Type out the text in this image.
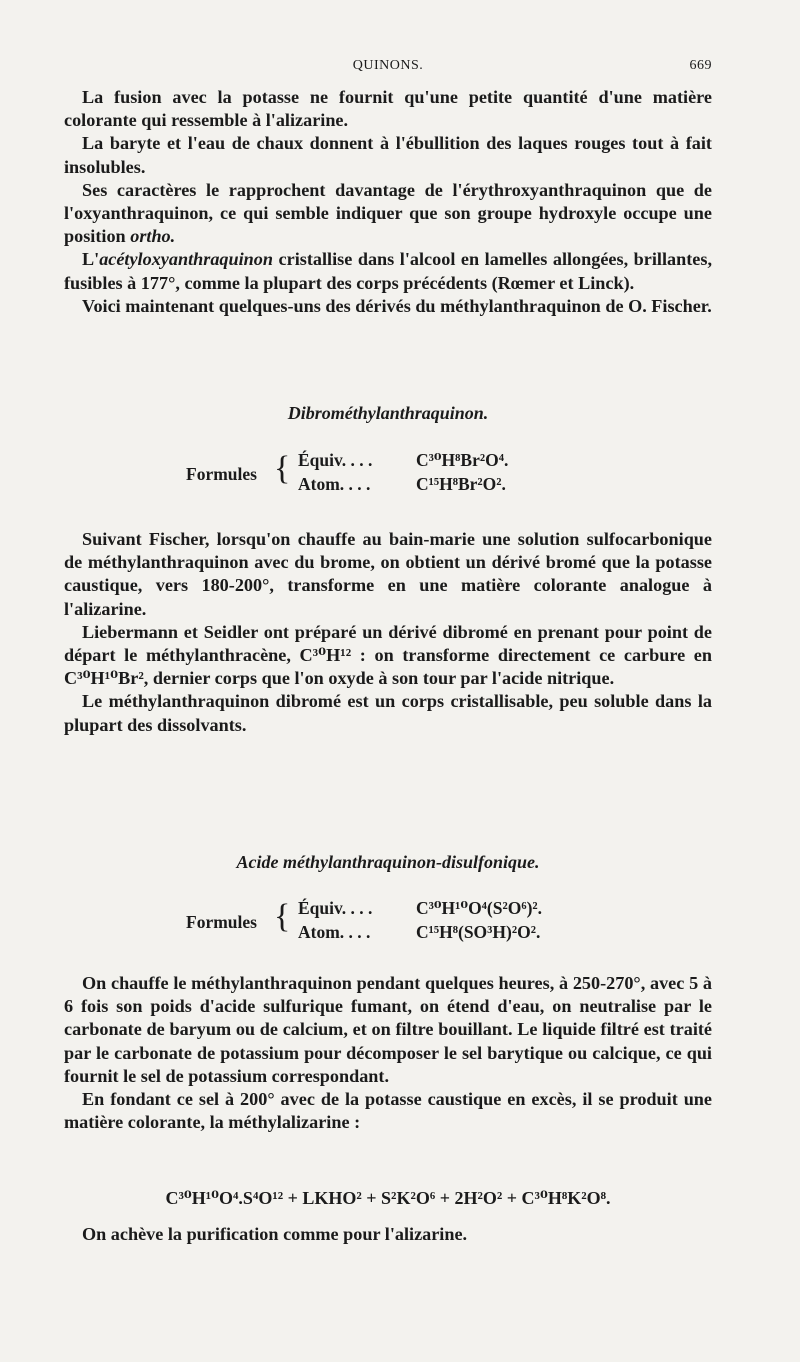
QUINONS.	669

La fusion avec la potasse ne fournit qu'une petite quantité d'une matière colorante qui ressemble à l'alizarine.

La baryte et l'eau de chaux donnent à l'ébullition des laques rouges tout à fait insolubles.

Ses caractères le rapprochent davantage de l'érythroxyanthraquinon que de l'oxyanthraquinon, ce qui semble indiquer que son groupe hydroxyle occupe une position ortho.

L'acétyloxyanthraquinon cristallise dans l'alcool en lamelles allongées, brillantes, fusibles à 177°, comme la plupart des corps précédents (Rœmer et Linck).

Voici maintenant quelques-uns des dérivés du méthylanthraquinon de O. Fischer.

Dibrométhylanthraquinon.
Formules { Équiv. . . . C³⁰H⁸Br²O⁴.
Atom. . . .	C¹⁵H⁸Br²O².

Suivant Fischer, lorsqu'on chauffe au bain-marie une solution sulfocarbonique de méthylanthraquinon avec du brome, on obtient un dérivé bromé que la potasse caustique, vers 180-200°, transforme en une matière colorante analogue à l'alizarine.

Liebermann et Seidler ont préparé un dérivé dibromé en prenant pour point de départ le méthylanthracène, C³⁰H¹² : on transforme directement ce carbure en C³⁰H¹⁰Br², dernier corps que l'on oxyde à son tour par l'acide nitrique.

Le méthylanthraquinon dibromé est un corps cristallisable, peu soluble dans la plupart des dissolvants.

Acide méthylanthraquinon-disulfonique.
Formules { Équiv. . . . C³⁰H¹⁰O⁴(S²O⁶)².
Atom. . . .	C¹⁵H⁸(SO³H)²O².

On chauffe le méthylanthraquinon pendant quelques heures, à 250-270°, avec 5 à 6 fois son poids d'acide sulfurique fumant, on étend d'eau, on neutralise par le carbonate de baryum ou de calcium, et on filtre bouillant. Le liquide filtré est traité par le carbonate de potassium pour décomposer le sel barytique ou calcique, ce qui fournit le sel de potassium correspondant.

En fondant ce sel à 200° avec de la potasse caustique en excès, il se produit une matière colorante, la méthylalizarine :

C³⁰H¹⁰O⁴.S⁴O¹² + LKHO² + S²K²O⁶ + 2H²O² + C³⁰H⁸K²O⁸.

On achève la purification comme pour l'alizarine.
